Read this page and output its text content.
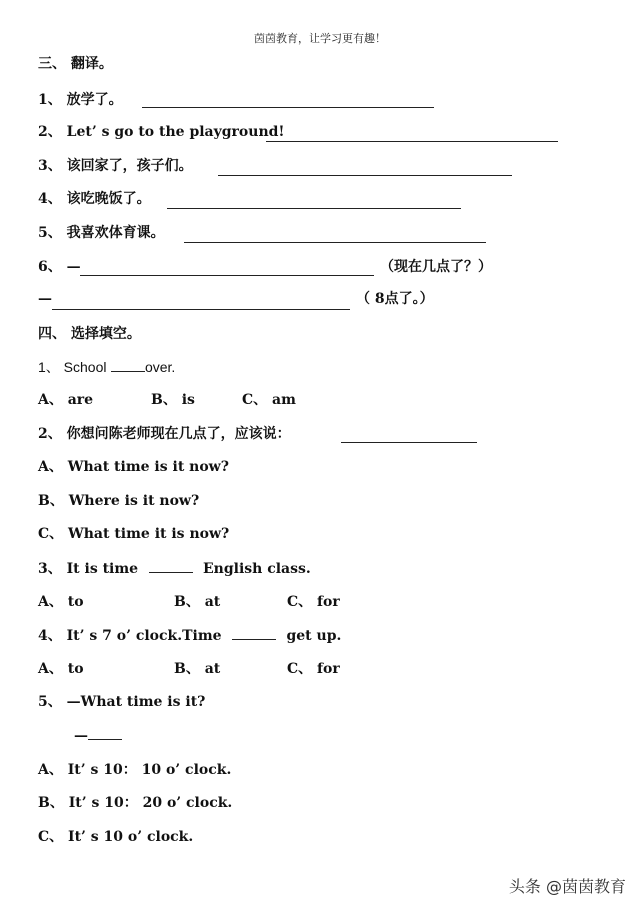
茵茵教育，让学习更有趣！
三、 翻译。
1、 放学了。
2、 Let’ s go to the playground!
3、 该回家了，孩子们。
4、 该吃晚饭了。
5、 我喜欢体育课。
6、 —	（现在几点了？）
—	（ 8点了。）
四、 选择填空。
1、 School	over.
A、 are	B、 is	C、 am
2、 你想问陈老师现在几点了，应该说：
A、 What time is it now?
B、 Where is it now?
C、 What time it is now?
3、 It is time	English class.
A、 to	B、 at	C、 for
4、 It’ s 7 o’ clock.Time	get up.
A、 to	B、 at	C、 for
5、 —What time is it?
—
A、 It’ s 10： 10 o’ clock.
B、 It’ s 10： 20 o’ clock.
C、 It’ s 10 o’ clock.
头条 @茵茵教育
